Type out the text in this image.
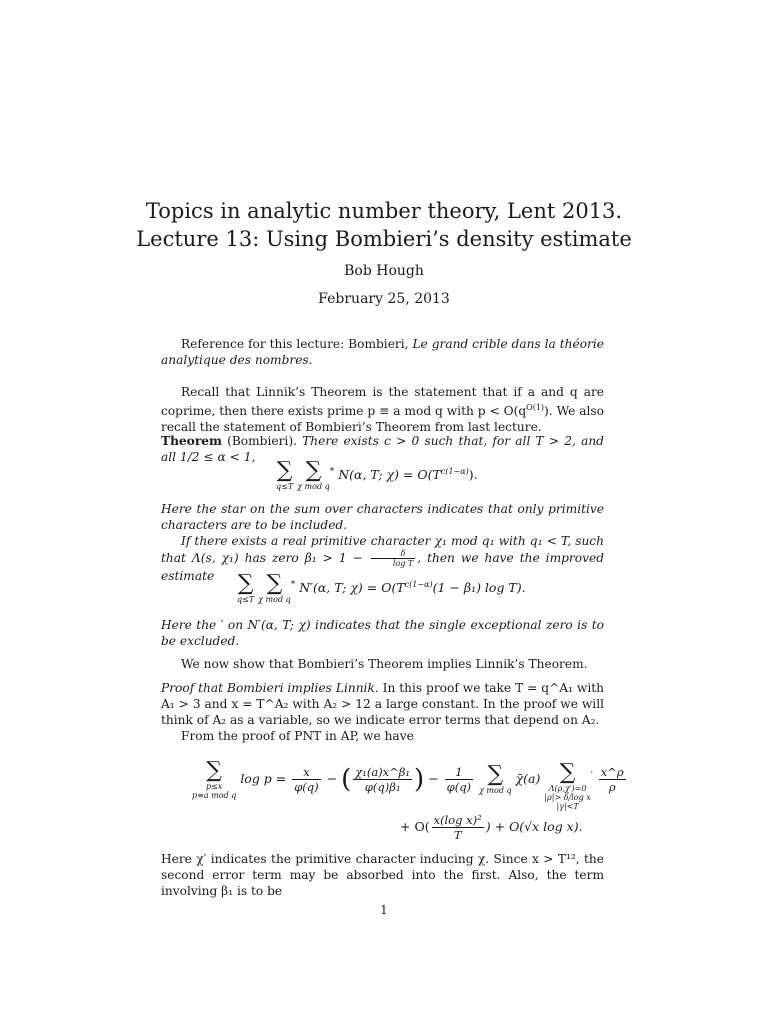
Topics in analytic number theory, Lent 2013.
Lecture 13: Using Bombieri’s density estimate
Bob Hough
February 25, 2013
Reference for this lecture: Bombieri, Le grand crible dans la théorie analytique des nombres.
Recall that Linnik’s Theorem is the statement that if a and q are coprime, then there exists prime p ≡ a mod q with $p < O(q^{O(1)})$. We also recall the statement of Bombieri’s Theorem from last lecture.
Theorem (Bombieri). There exists c > 0 such that, for all T > 2, and all 1/2 ≤ α < 1,
∑
q≤T

∑
χ mod q
* N(α, T; $\chi) = O(T^{c(1-\alpha)})$.
Here the star on the sum over characters indicates that only primitive characters are to be included.
If there exists a real primitive character χ₁ mod q₁ with q₁ < T, such that Λ(s, χ₁) has zero $\beta_1 > 1 - \frac{\delta}{\text{log T}}$ , then we have the improved estimate	∑
q≤T

∑
χ mod q
* N′(α, T; $\chi) = O(T^{c(1-\alpha)}(1 - \beta_1)$ log T).
Here the ′ on N′(α, T; χ) indicates that the single exceptional zero is to be excluded.
We now show that Bombieri’s Theorem implies Linnik’s Theorem.
Proof that Bombieri implies Linnik. In this proof we take T = q^A₁ with A₁ > 3 and x = T^A₂ with A₂ > 12 a large constant. In the proof we will think of A₂ as a variable, so we indicate error terms that depend on A₂.
From the proof of PNT in AP, we have
∑
p≤x
p≡a mod q
$\log p = \frac{x}{\varphi(q)}$ − ( $\frac{\text{χ₁(a)x\textasciicircum{}β₁}}{\text{φ(q)β₁}}$ ) − $\frac{1}{\varphi(q)}$
∑
χ mod q
χ̄(a) ∑
Λ(ρ,χ′)=0
|ρ|> δ/log x
|γ|<T
$' \frac{x\^{}\rho}{\rho}$
+ $O( \frac{\text{x(log x)²}}{T}$ ) + O(√x log x).
Here χ′ indicates the primitive character inducing χ. Since x > T¹², the second error term may be absorbed into the first. Also, the term involving β₁ is to be
1
